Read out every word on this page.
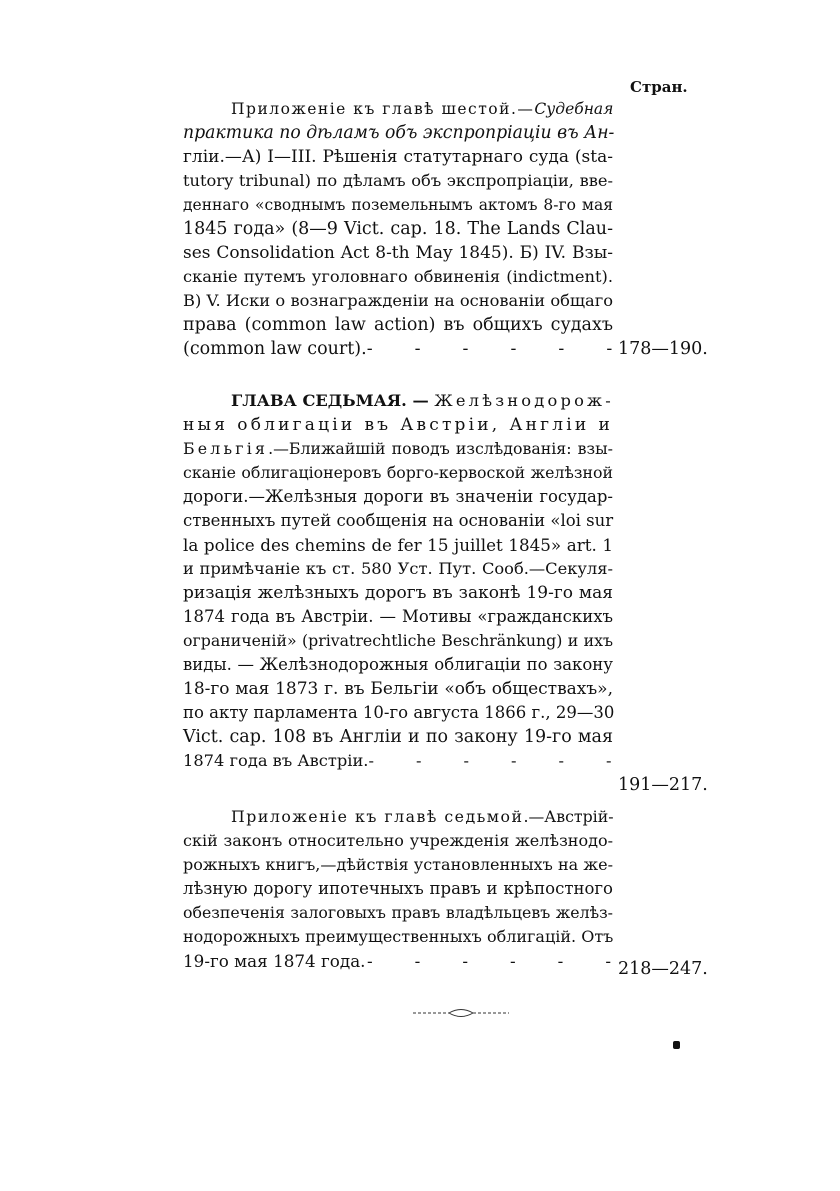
Стран.
Приложеніе къ главѣ шестой.—Судебная
практика по дѣламъ объ экспропріаціи въ Ан-
гліи.—А) I—III. Рѣшенія статутарнаго суда (sta-
tutory tribunal) по дѣламъ объ экспропріаціи, вве-
деннаго «своднымъ поземельнымъ актомъ 8-го мая
1845 года» (8—9 Vict. cap. 18. The Lands Clau-
ses Consolidation Act 8-th May 1845). Б) IV. Взы-
сканіе путемъ уголовнаго обвиненія (indictment).
В) V. Иски о вознагражденіи на основаніи общаго
права (common law action) въ общихъ судахъ
(common law court). - - - - - - 178—190.
ГЛАВА СЕДЬМАЯ. — Желѣзнодорож-
ныя облигаціи въ Австріи, Англіи и
Бельгія.—Ближайшій поводъ изслѣдованія: взы-
сканіе облигаціонеровъ борго-кервоской желѣзной
дороги.—Желѣзныя дороги въ значеніи государ-
ственныхъ путей сообщенія на основаніи «loi sur
la police des chemins de fer 15 juillet 1845» art. 1
и примѣчаніе къ ст. 580 Уст. Пут. Сооб.—Секуля-
ризація желѣзныхъ дорогъ въ законѣ 19-го мая
1874 года въ Австріи. — Мотивы «гражданскихъ
ограниченій» (privatrechtliche Beschränkung) и ихъ
виды. — Желѣзнодорожныя облигаціи по закону
18-го мая 1873 г. въ Бельгіи «объ обществахъ»,
по акту парламента 10-го августа 1866 г., 29—30
Vict. cap. 108 въ Англіи и по закону 19-го мая
1874 года въ Австріи. -	-	-	-	-	-
191—217.
Приложеніе къ главѣ седьмой.—Австрій-
скій законъ относительно учрежденія желѣзнодо-
рожныхъ книгъ,—дѣйствія установленныхъ на же-
лѣзную дорогу ипотечныхъ правъ и крѣпостного
обезпеченія залоговыхъ правъ владѣльцевъ желѣз-
нодорожныхъ преимущественныхъ облигацій. Отъ
19-го мая 1874 года. -	-	-	-	-	- 218—247.
